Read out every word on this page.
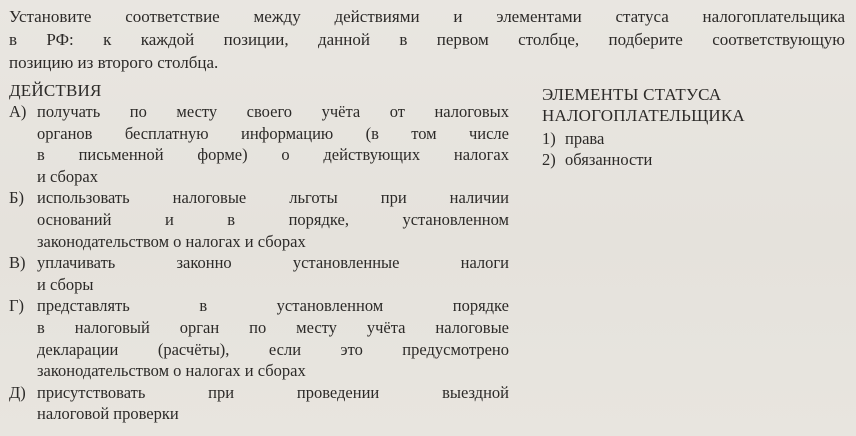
Установите соответствие между действиями и элементами статуса налогоплательщика
в РФ: к каждой позиции, данной в первом столбце, подберите соответствующую
позицию из второго столбца.
ДЕЙСТВИЯ
А) получать по месту своего учёта от налоговых
органов бесплатную информацию (в том числе
в письменной форме) о действующих налогах
и сборах
Б) использовать налоговые льготы при наличии
оснований и в порядке, установленном
законодательством о налогах и сборах
В) уплачивать законно установленные налоги
и сборы
Г) представлять в установленном порядке
в налоговый орган по месту учёта налоговые
декларации (расчёты), если это предусмотрено
законодательством о налогах и сборах
Д) присутствовать при проведении выездной
налоговой проверки
ЭЛЕМЕНТЫ СТАТУСА
НАЛОГОПЛАТЕЛЬЩИКА
1) права
2) обязанности
